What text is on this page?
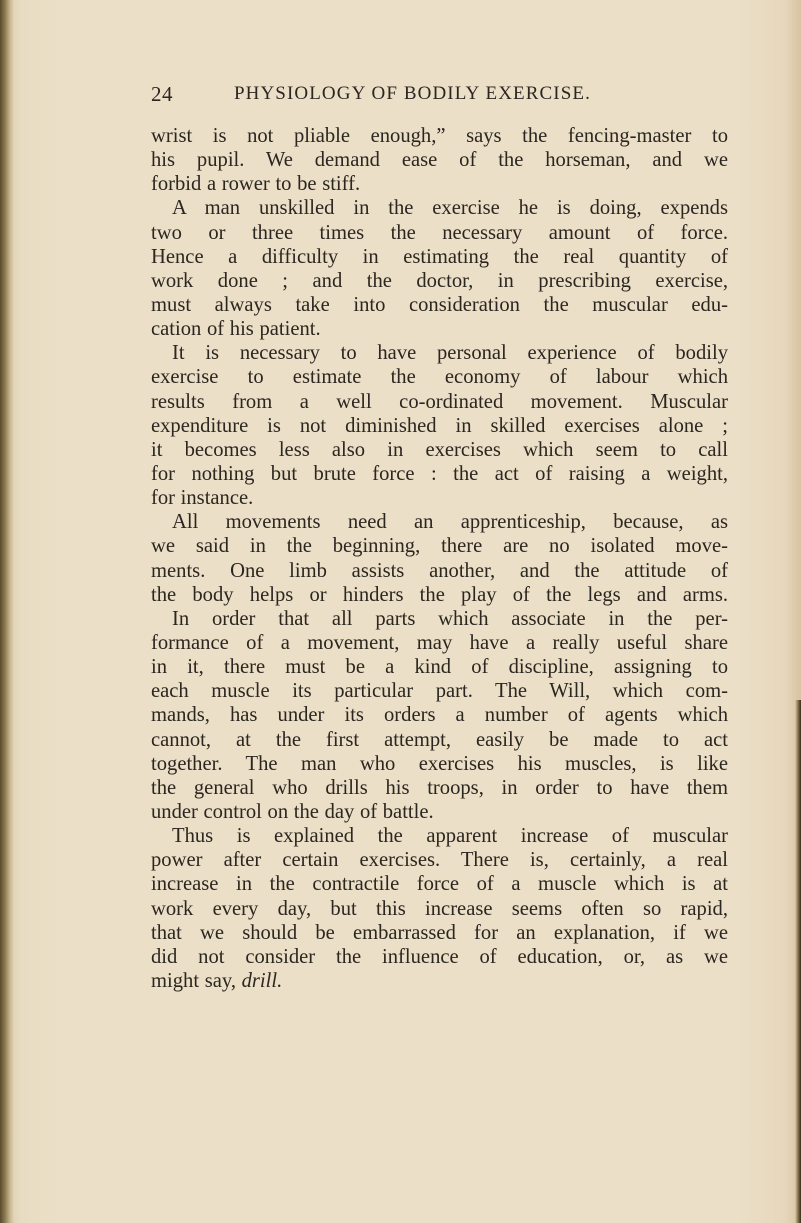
24	PHYSIOLOGY OF BODILY EXERCISE.
wrist is not pliable enough,” says the fencing-master to
his pupil. We demand ease of the horseman, and we
forbid a rower to be stiff.
A man unskilled in the exercise he is doing, expends
two or three times the necessary amount of force.
Hence a difficulty in estimating the real quantity of
work done ; and the doctor, in prescribing exercise,
must always take into consideration the muscular edu-
cation of his patient.
It is necessary to have personal experience of bodily
exercise to estimate the economy of labour which
results from a well co-ordinated movement. Muscular
expenditure is not diminished in skilled exercises alone ;
it becomes less also in exercises which seem to call
for nothing but brute force : the act of raising a weight,
for instance.
All movements need an apprenticeship, because, as
we said in the beginning, there are no isolated move-
ments. One limb assists another, and the attitude of
the body helps or hinders the play of the legs and arms.
In order that all parts which associate in the per-
formance of a movement, may have a really useful share
in it, there must be a kind of discipline, assigning to
each muscle its particular part. The Will, which com-
mands, has under its orders a number of agents which
cannot, at the first attempt, easily be made to act
together. The man who exercises his muscles, is like
the general who drills his troops, in order to have them
under control on the day of battle.
Thus is explained the apparent increase of muscular
power after certain exercises. There is, certainly, a real
increase in the contractile force of a muscle which is at
work every day, but this increase seems often so rapid,
that we should be embarrassed for an explanation, if we
did not consider the influence of education, or, as we
might say, drill.
